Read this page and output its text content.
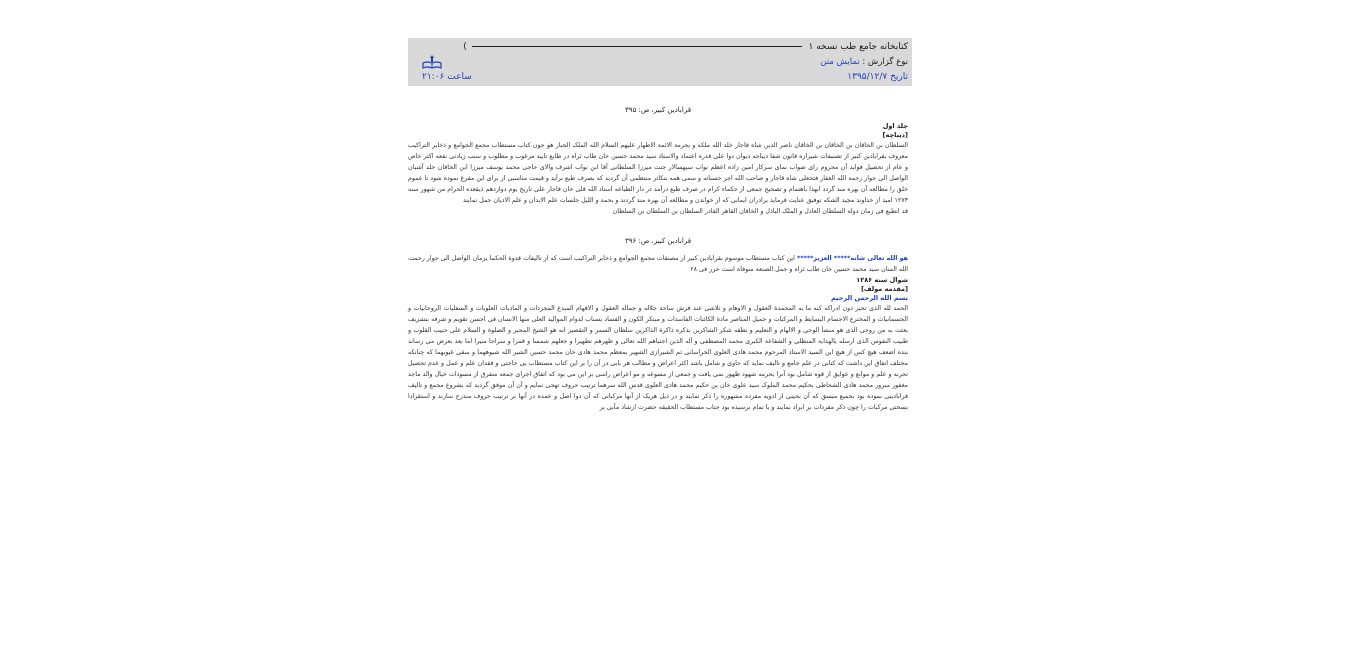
کتابخانه جامع طب نسخه ۱  )
نوع گزارش : نمایش متن
ساعت ۲۱:۰۶	تاریخ ۱۳۹۵/۱۲/۷
قرابادین کبیر، ص: ۳۹۵
جلد اول
[دیباچه]
السلطان بن الخاقان بن الخاقان بن الخاقان ناصر الدین شاه قاجار خلد الله ملکه و بحرمة الائمة الاطهار علیهم السلام الله الملک الجبار هو جون کتاب مستطاب مجمع الجوامع و ذخایر التراکیب معروف بقرابادین کبیر از تصنیفات شیرازه قانون شفا دیباجه دیوان دوا علی قدره اعتماد والاستاد سید محمد حسین خان طاب ثراه در طابع تایید مرغوب و مطلوب و سبب زیادتی نفعه اکثر خاص و عام از تحصیل فواید آن محروم رای صواب نمای سرکار امین زاده اعظم نواب سپهسالار جنت میرزا السلطانی آقا ابن نواب اشرف والای حاجی محمد یوسف میرزا ابن الخاقان خلد آشیان الواصل الی جوار رحمة الله الغفار فتحعلی شاه قاجار و صاحب الله اجر حسناته و سمی همه بتکاثر منتظمی آن گردید که بصرف طبع برآید و قیمت مناسبی از برای این مفرع نموده شود تا عموم خلق را مطالعه آن بهره مند گردد انهذا باهتمام و تصحیح جمعی از حکماء کرام در صرف طبع درآمد در دار الطباعه استاد الله قلی خان قاجار علی تاریخ یوم دوازدهم ذیقعده الحرام من شهور سنه ۱۲۷۳ امید از خداوند مجید الشکه توفیق عنایت فرماید برادران ایمانی که از خواندن و مطالعه آن بهره مند گردند و بحمد و اللیل جلسات علم الابدان و علم الادیان جمل نمایند
قد انطبع فی زمان دولة السلطان العادل و الملک الباذل و الخاقان القاهر القادر السلطان بن السلطان بن السلطان
قرابادین کبیر، ص: ۳۹۶
هو الله تعالی شانه***** العزیز***** این کتاب مستطاب موسوم بقرابادین کبیر از مصنفات مجمع الجوامع و ذخایر التراکیب است که از تالیفات قدوة الحکما یزمان الواصل الی جوار رحمت الله المنان سید محمد حسین خان طاب ثراه و جمل الصنعة متوفاه است حرر فی ۲۸
شوال سنه ۱۲۸۶
[مقدمه مولف]
بسم الله الرحمن الرحیم
الحمد لله الذی تحیر دون ادراکه کنه ما به المحمدة العقول و الاوهام و تلاشی عند فرش ساحة جلاله و جماله العقول و الافهام المبدع المجردات و المادیات العلویات و السفلیات الروحانیات و الجسمانیات و المخترع الاجسام البسایط و المرکبات و جمیل المناصر مادة الکائنات الفاسدات و مبتکر الکون و الفساد بسباب لدوام الموالید العلی منها الانسان فی احسن تقویم و شرفه بتشریف بعثت به من روحی الذی هو منشأ الوحی و الالهام و التعلیم و نطقه شکر الشاکرین بذکره ذاکرة الذاکرین سلطان السمر و التقصیر انه هو الشیخ المحیر و الصلوة و السلام علی حبیب القلوب و طبیب النفوس الذی ارسله بالهدایة المنطلی و الشفاعة الکبری محمد المصطفی و آله الذین اجتباهم الله تعالی و طهرهم تطهیرا و جعلهم شمسا و قمرا و سراجا منیرا اما بعد بعرض می رساند بنده اضعف هیچ کس از هیچ این السید الاستاد المرحوم محمد هادی العلوی الخراسانی ثم الشیرازی الشهیر بمعظم محمد هادی خان محمد حسین الشیر الله شیوههما و سقی غیوبهما که چنانکه مختلف اتفاق این داشت که کتابی در علم جامع و تالیف نماید که حاوی و شامل باشد اکثر اعراض و مطالب هر بابی در آن را بر این کتاب مستطاب بی حاجتی و فقدان علم و عمل و عدم تحصیل تجربه و علم و موانع و عوایق از قوه شامل بود آنرا بحرمه شهود ظهور نمی یافت و جمعی از مسوعه و مو اعراض راسی بر این می بود که اتفاق اجرای جمعه متفرق از مسودات خیال والد ماجد مغفور مبرور محمد هادی الشحاطی بحکیم محمد الملوک سید علوی خان بن حکیم محمد هادی العلوی قدس الله سرهما ترتیب حروف تهجی نمایم و آن آن موفق گردید که بشروع مجمع و تالیف قرابادینی نموده بود بجمیع مبسق که آن بحینی از ادویه مفرده مشهوره را ذکر نمایند و در ذیل هریک از آنها مرکباتی که آن دوا اصل و عمده در آنها بر ترتیب حروف مندرج سازند و استقرادا بسحتی مرکبات را چون ذکر مفردات بر ابراد نمایند و با تمام نرسیده بود جناب مستطاب الحقیقه حضرت ارشاد مآبی بر
